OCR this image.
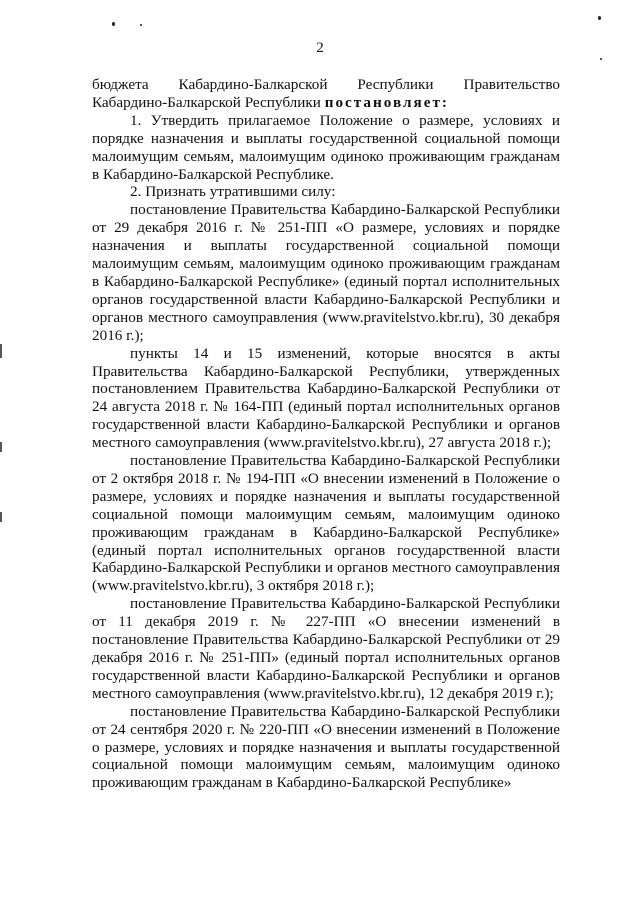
2

бюджета Кабардино-Балкарской Республики Правительство Кабардино-Балкарской Республики постановляет:

1. Утвердить прилагаемое Положение о размере, условиях и порядке назначения и выплаты государственной социальной помощи малоимущим семьям, малоимущим одиноко проживающим гражданам в Кабардино-Балкарской Республике.

2. Признать утратившими силу:

постановление Правительства Кабардино-Балкарской Республики от 29 декабря 2016 г. № 251-ПП «О размере, условиях и порядке назначения и выплаты государственной социальной помощи малоимущим семьям, малоимущим одиноко проживающим гражданам в Кабардино-Балкарской Республике» (единый портал исполнительных органов государственной власти Кабардино-Балкарской Республики и органов местного самоуправления (www.pravitelstvo.kbr.ru), 30 декабря 2016 г.);

пункты 14 и 15 изменений, которые вносятся в акты Правительства Кабардино-Балкарской Республики, утвержденных постановлением Правительства Кабардино-Балкарской Республики от 24 августа 2018 г. № 164-ПП (единый портал исполнительных органов государственной власти Кабардино-Балкарской Республики и органов местного самоуправления (www.pravitelstvo.kbr.ru), 27 августа 2018 г.);

постановление Правительства Кабардино-Балкарской Республики от 2 октября 2018 г. № 194-ПП «О внесении изменений в Положение о размере, условиях и порядке назначения и выплаты государственной социальной помощи малоимущим семьям, малоимущим одиноко проживающим гражданам в Кабардино-Балкарской Республике» (единый портал исполнительных органов государственной власти Кабардино-Балкарской Республики и органов местного самоуправления (www.pravitelstvo.kbr.ru), 3 октября 2018 г.);

постановление Правительства Кабардино-Балкарской Республики от 11 декабря 2019 г. № 227-ПП «О внесении изменений в постановление Правительства Кабардино-Балкарской Республики от 29 декабря 2016 г. № 251-ПП» (единый портал исполнительных органов государственной власти Кабардино-Балкарской Республики и органов местного самоуправления (www.pravitelstvo.kbr.ru), 12 декабря 2019 г.);

постановление Правительства Кабардино-Балкарской Республики от 24 сентября 2020 г. № 220-ПП «О внесении изменений в Положение о размере, условиях и порядке назначения и выплаты государственной социальной помощи малоимущим семьям, малоимущим одиноко проживающим гражданам в Кабардино-Балкарской Республике»
